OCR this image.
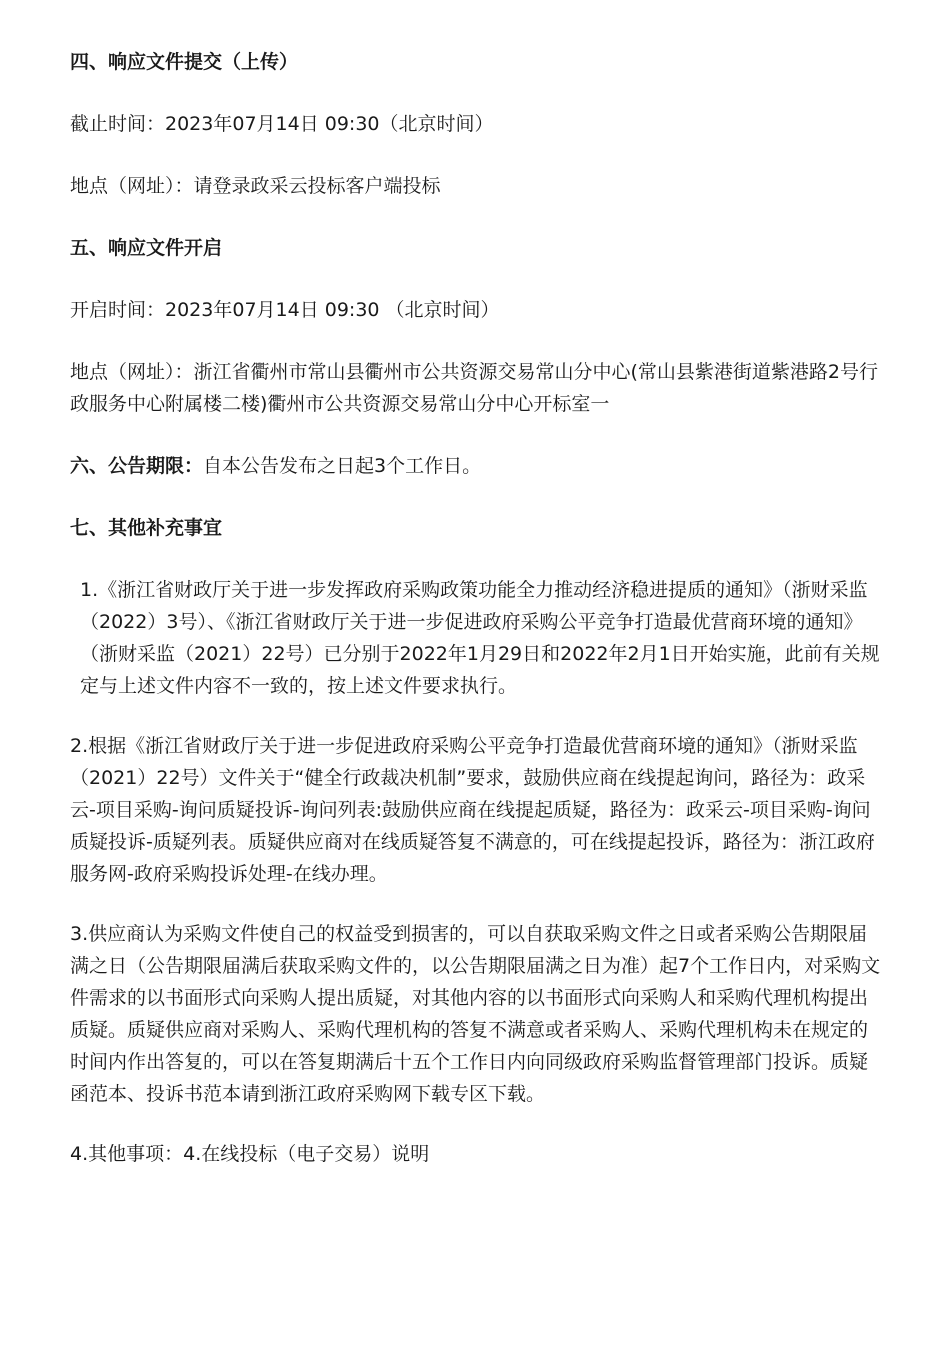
四、响应文件提交（上传）

截止时间：2023年07月14日 09:30（北京时间）

地点（网址）：请登录政采云投标客户端投标

五、响应文件开启

开启时间：2023年07月14日 09:30 （北京时间）

地点（网址）：浙江省衢州市常山县衢州市公共资源交易常山分中心(常山县紫港街道紫港路2号行政服务中心附属楼二楼)衢州市公共资源交易常山分中心开标室一

六、公告期限：自本公告发布之日起3个工作日。

七、其他补充事宜

1.《浙江省财政厅关于进一步发挥政府采购政策功能全力推动经济稳进提质的通知》（浙财采监（2022）3号）、《浙江省财政厅关于进一步促进政府采购公平竞争打造最优营商环境的通知》（浙财采监（2021）22号）已分别于2022年1月29日和2022年2月1日开始实施，此前有关规定与上述文件内容不一致的，按上述文件要求执行。

2.根据《浙江省财政厅关于进一步促进政府采购公平竞争打造最优营商环境的通知》（浙财采监（2021）22号）文件关于“健全行政裁决机制”要求，鼓励供应商在线提起询问，路径为：政采云-项目采购-询问质疑投诉-询问列表:鼓励供应商在线提起质疑，路径为：政采云-项目采购-询问质疑投诉-质疑列表。质疑供应商对在线质疑答复不满意的，可在线提起投诉，路径为：浙江政府服务网-政府采购投诉处理-在线办理。

3.供应商认为采购文件使自己的权益受到损害的，可以自获取采购文件之日或者采购公告期限届满之日（公告期限届满后获取采购文件的，以公告期限届满之日为准）起7个工作日内，对采购文件需求的以书面形式向采购人提出质疑，对其他内容的以书面形式向采购人和采购代理机构提出质疑。质疑供应商对采购人、采购代理机构的答复不满意或者采购人、采购代理机构未在规定的时间内作出答复的，可以在答复期满后十五个工作日内向同级政府采购监督管理部门投诉。质疑函范本、投诉书范本请到浙江政府采购网下载专区下载。

4.其他事项：4.在线投标（电子交易）说明
